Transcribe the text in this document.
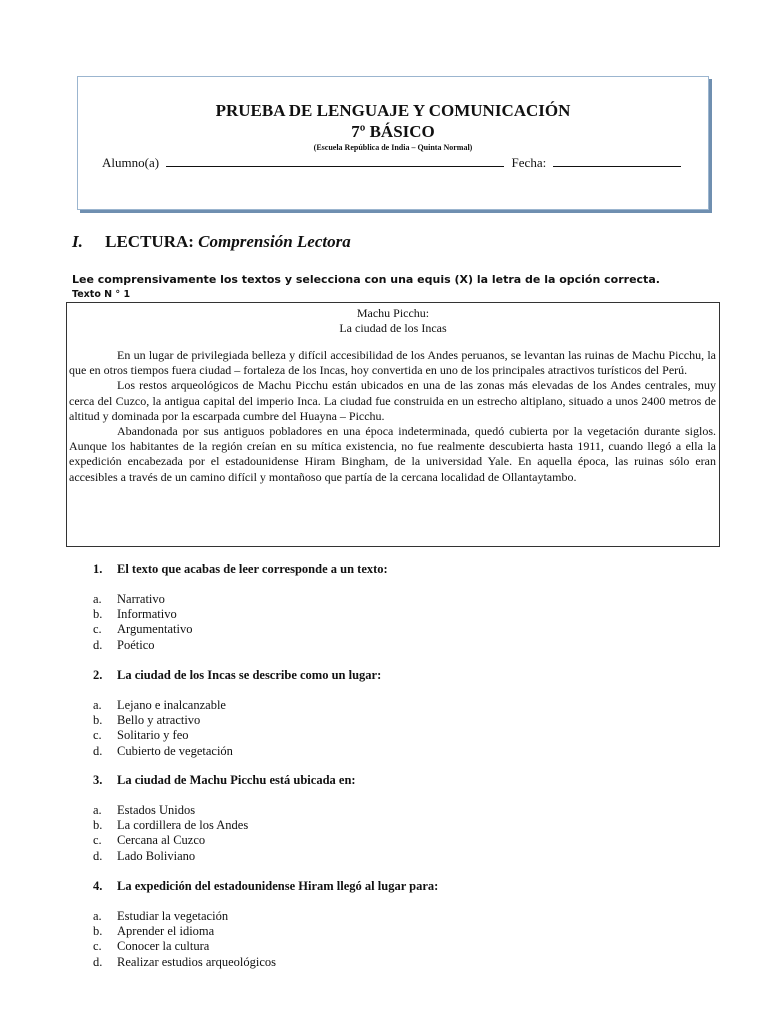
PRUEBA DE LENGUAJE Y COMUNICACIÓN
7º BÁSICO
(Escuela República de India – Quinta Normal)
Alumno(a)	Fecha:
I. LECTURA: Comprensión Lectora
Lee comprensivamente los textos y selecciona con una equis (X) la letra de la opción correcta.
Texto N ° 1
Machu Picchu:
La ciudad de los Incas

En un lugar de privilegiada belleza y difícil accesibilidad de los Andes peruanos, se levantan las ruinas de Machu Picchu, la que en otros tiempos fuera ciudad – fortaleza de los Incas, hoy convertida en uno de los principales atractivos turísticos del Perú.

Los restos arqueológicos de Machu Picchu están ubicados en una de las zonas más elevadas de los Andes centrales, muy cerca del Cuzco, la antigua capital del imperio Inca. La ciudad fue construida en un estrecho altiplano, situado a unos 2400 metros de altitud y dominada por la escarpada cumbre del Huayna – Picchu.

Abandonada por sus antiguos pobladores en una época indeterminada, quedó cubierta por la vegetación durante siglos. Aunque los habitantes de la región creían en su mítica existencia, no fue realmente descubierta hasta 1911, cuando llegó a ella la expedición encabezada por el estadounidense Hiram Bingham, de la universidad Yale. En aquella época, las ruinas sólo eran accesibles a través de un camino difícil y montañoso que partía de la cercana localidad de Ollantaytambo.

1. El texto que acabas de leer corresponde a un texto:
a. Narrativo
b. Informativo
c. Argumentativo
d. Poético
2. La ciudad de los Incas se describe como un lugar:
a. Lejano e inalcanzable
b. Bello y atractivo
c. Solitario y feo
d. Cubierto de vegetación
3. La ciudad de Machu Picchu está ubicada en:
a. Estados Unidos
b. La cordillera de los Andes
c. Cercana al Cuzco
d. Lado Boliviano
4. La expedición del estadounidense Hiram llegó al lugar para:
a. Estudiar la vegetación
b. Aprender el idioma
c. Conocer la cultura
d. Realizar estudios arqueológicos
